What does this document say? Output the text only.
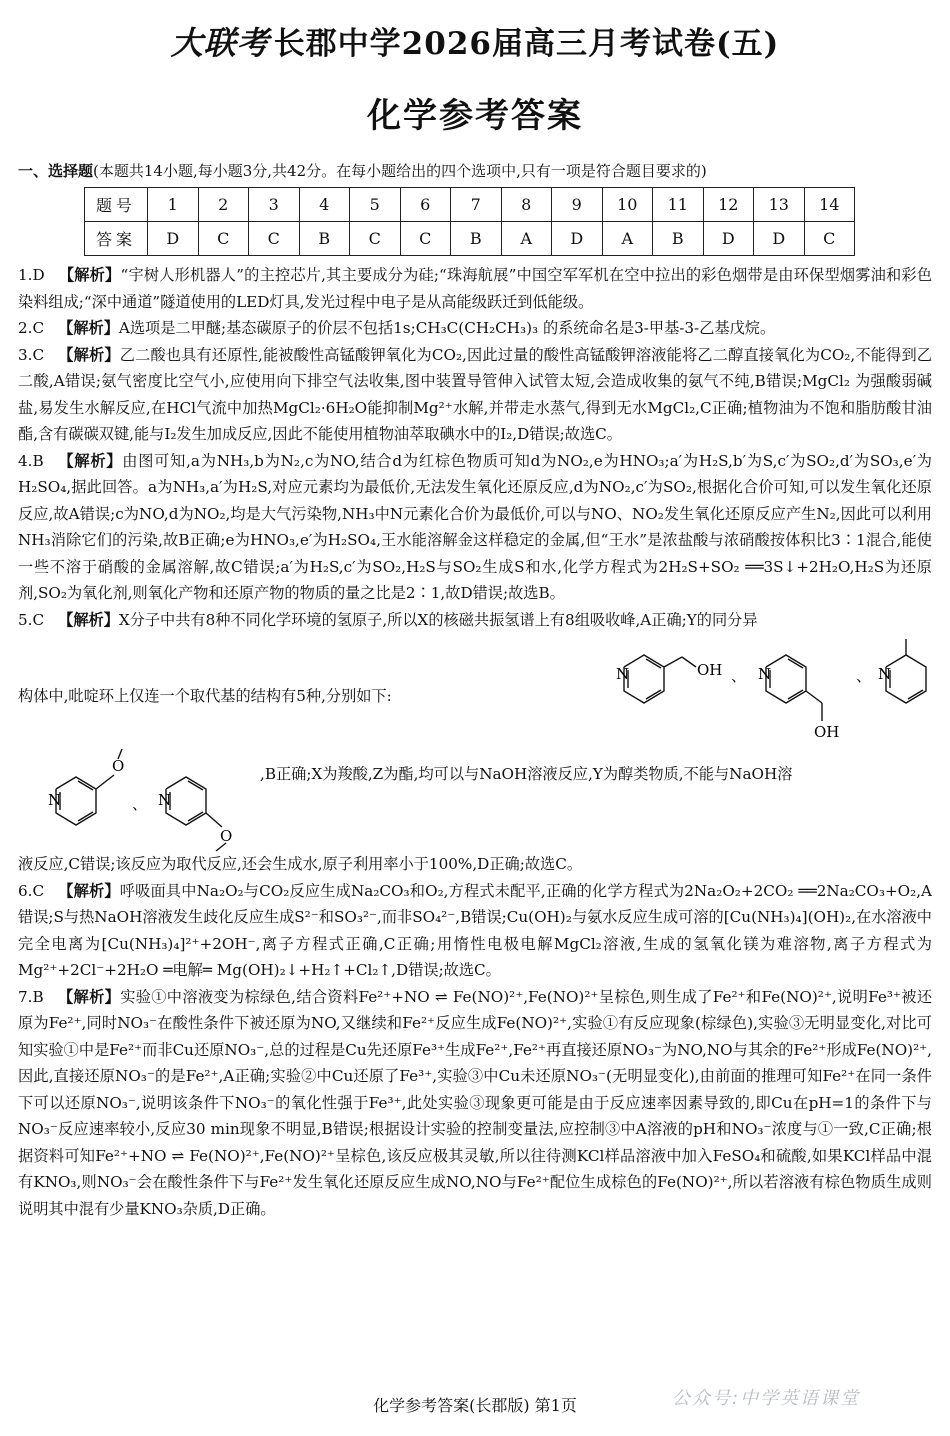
大联考 长郡中学2026届高三月考试卷(五)
化学参考答案
一、选择题(本题共14小题,每小题3分,共42分。在每小题给出的四个选项中,只有一项是符合题目要求的)
题号	1	2	3	4	5	6	7	8	9	10	11	12	13	14
答案	D	C	C	B	C	C	B	A	D	A	B	D	D	C
1.D 【解析】“宇树人形机器人”的主控芯片,其主要成分为硅;“珠海航展”中国空军军机在空中拉出的彩色烟带是由环保型烟雾油和彩色染料组成;“深中通道”隧道使用的LED灯具,发光过程中电子是从高能级跃迁到低能级。
2.C 【解析】A选项是二甲醚;基态碳原子的价层不包括1s;CH₃C(CH₂CH₃)₃ 的系统命名是3-甲基-3-乙基戊烷。
3.C 【解析】乙二酸也具有还原性,能被酸性高锰酸钾氧化为CO₂,因此过量的酸性高锰酸钾溶液能将乙二醇直接氧化为CO₂,不能得到乙二酸,A错误;氨气密度比空气小,应使用向下排空气法收集,图中装置导管伸入试管太短,会造成收集的氨气不纯,B错误;MgCl₂ 为强酸弱碱盐,易发生水解反应,在HCl气流中加热MgCl₂·6H₂O能抑制Mg²⁺水解,并带走水蒸气,得到无水MgCl₂,C正确;植物油为不饱和脂肪酸甘油酯,含有碳碳双键,能与I₂发生加成反应,因此不能使用植物油萃取碘水中的I₂,D错误;故选C。
4.B 【解析】由图可知,a为NH₃,b为N₂,c为NO,结合d为红棕色物质可知d为NO₂,e为HNO₃;a′为H₂S,b′为S,c′为SO₂,d′为SO₃,e′为H₂SO₄,据此回答。a为NH₃,a′为H₂S,对应元素均为最低价,无法发生氧化还原反应,d为NO₂,c′为SO₂,根据化合价可知,可以发生氧化还原反应,故A错误;c为NO,d为NO₂,均是大气污染物,NH₃中N元素化合价为最低价,可以与NO、NO₂发生氧化还原反应产生N₂,因此可以利用NH₃消除它们的污染,故B正确;e为HNO₃,e′为H₂SO₄,王水能溶解金这样稳定的金属,但“王水”是浓盐酸与浓硝酸按体积比3∶1混合,能使一些不溶于硝酸的金属溶解,故C错误;a′为H₂S,c′为SO₂,H₂S与SO₂生成S和水,化学方程式为2H₂S+SO₂ ══3S↓+2H₂O,H₂S为还原剂,SO₂为氧化剂,则氧化产物和还原产物的物质的量之比是2∶1,故D错误;故选B。
5.C 【解析】X分子中共有8种不同化学环境的氢原子,所以X的核磁共振氢谱上有8组吸收峰,A正确;Y的同分异
构体中,吡啶环上仅连一个取代基的结构有5种,分别如下:
N	OH 、 N
OH
、 N
N
O
、 N
O
,B正确;X为羧酸,Z为酯,均可以与NaOH溶液反应,Y为醇类物质,不能与NaOH溶
液反应,C错误;该反应为取代反应,还会生成水,原子利用率小于100%,D正确;故选C。
6.C 【解析】呼吸面具中Na₂O₂与CO₂反应生成Na₂CO₃和O₂,方程式未配平,正确的化学方程式为2Na₂O₂+2CO₂ ══2Na₂CO₃+O₂,A错误;S与热NaOH溶液发生歧化反应生成S²⁻和SO₃²⁻,而非SO₄²⁻,B错误;Cu(OH)₂与氨水反应生成可溶的[Cu(NH₃)₄](OH)₂,在水溶液中完全电离为[Cu(NH₃)₄]²⁺+2OH⁻,离子方程式正确,C正确;用惰性电极电解MgCl₂溶液,生成的氢氧化镁为难溶物,离子方程式为Mg²⁺+2Cl⁻+2H₂O ═电解═ Mg(OH)₂↓+H₂↑+Cl₂↑,D错误;故选C。
7.B 【解析】实验①中溶液变为棕绿色,结合资料Fe²⁺+NO ⇌ Fe(NO)²⁺,Fe(NO)²⁺呈棕色,则生成了Fe²⁺和Fe(NO)²⁺,说明Fe³⁺被还原为Fe²⁺,同时NO₃⁻在酸性条件下被还原为NO,又继续和Fe²⁺反应生成Fe(NO)²⁺,实验①有反应现象(棕绿色),实验③无明显变化,对比可知实验①中是Fe²⁺而非Cu还原NO₃⁻,总的过程是Cu先还原Fe³⁺生成Fe²⁺,Fe²⁺再直接还原NO₃⁻为NO,NO与其余的Fe²⁺形成Fe(NO)²⁺,因此,直接还原NO₃⁻的是Fe²⁺,A正确;实验②中Cu还原了Fe³⁺,实验③中Cu未还原NO₃⁻(无明显变化),由前面的推理可知Fe²⁺在同一条件下可以还原NO₃⁻,说明该条件下NO₃⁻的氧化性强于Fe³⁺,此处实验③现象更可能是由于反应速率因素导致的,即Cu在pH=1的条件下与NO₃⁻反应速率较小,反应30 min现象不明显,B错误;根据设计实验的控制变量法,应控制③中A溶液的pH和NO₃⁻浓度与①一致,C正确;根据资料可知Fe²⁺+NO ⇌ Fe(NO)²⁺,Fe(NO)²⁺呈棕色,该反应极其灵敏,所以往待测KCl样品溶液中加入FeSO₄和硫酸,如果KCl样品中混有KNO₃,则NO₃⁻会在酸性条件下与Fe²⁺发生氧化还原反应生成NO,NO与Fe²⁺配位生成棕色的Fe(NO)²⁺,所以若溶液有棕色物质生成则说明其中混有少量KNO₃杂质,D正确。
化学参考答案(长郡版) 第1页	公众号:中学英语课堂
